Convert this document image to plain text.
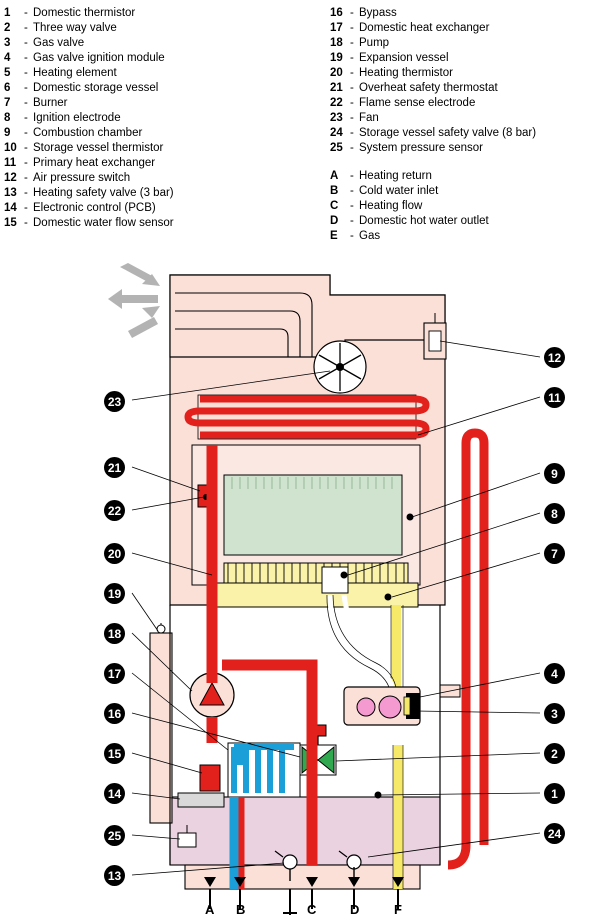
1	- Domestic thermistor
2	- Three way valve
3	- Gas valve
4	- Gas valve ignition module
5	- Heating element
6	- Domestic storage vessel
7	- Burner
8	- Ignition electrode
9	- Combustion chamber
10 - Storage vessel thermistor
11 - Primary heat exchanger
12 - Air pressure switch
13 - Heating safety valve (3 bar)
14 - Electronic control (PCB)
15 - Domestic water flow sensor
16 - Bypass
17 - Domestic heat exchanger
18 - Pump
19 - Expansion vessel
20 - Heating thermistor
21 - Overheat safety thermostat
22 - Flame sense electrode
23 - Fan
24 - Storage vessel safety valve (8 bar)
25 - System pressure sensor
A	- Heating return
B	- Cold water inlet
C	- Heating flow
D	- Domestic hot water outlet
E	- Gas
23
21
22
20
19
18
17
16
15
14
25
13
12
11
9
8
7
4
3
2
1
24
A B	C	D	F
